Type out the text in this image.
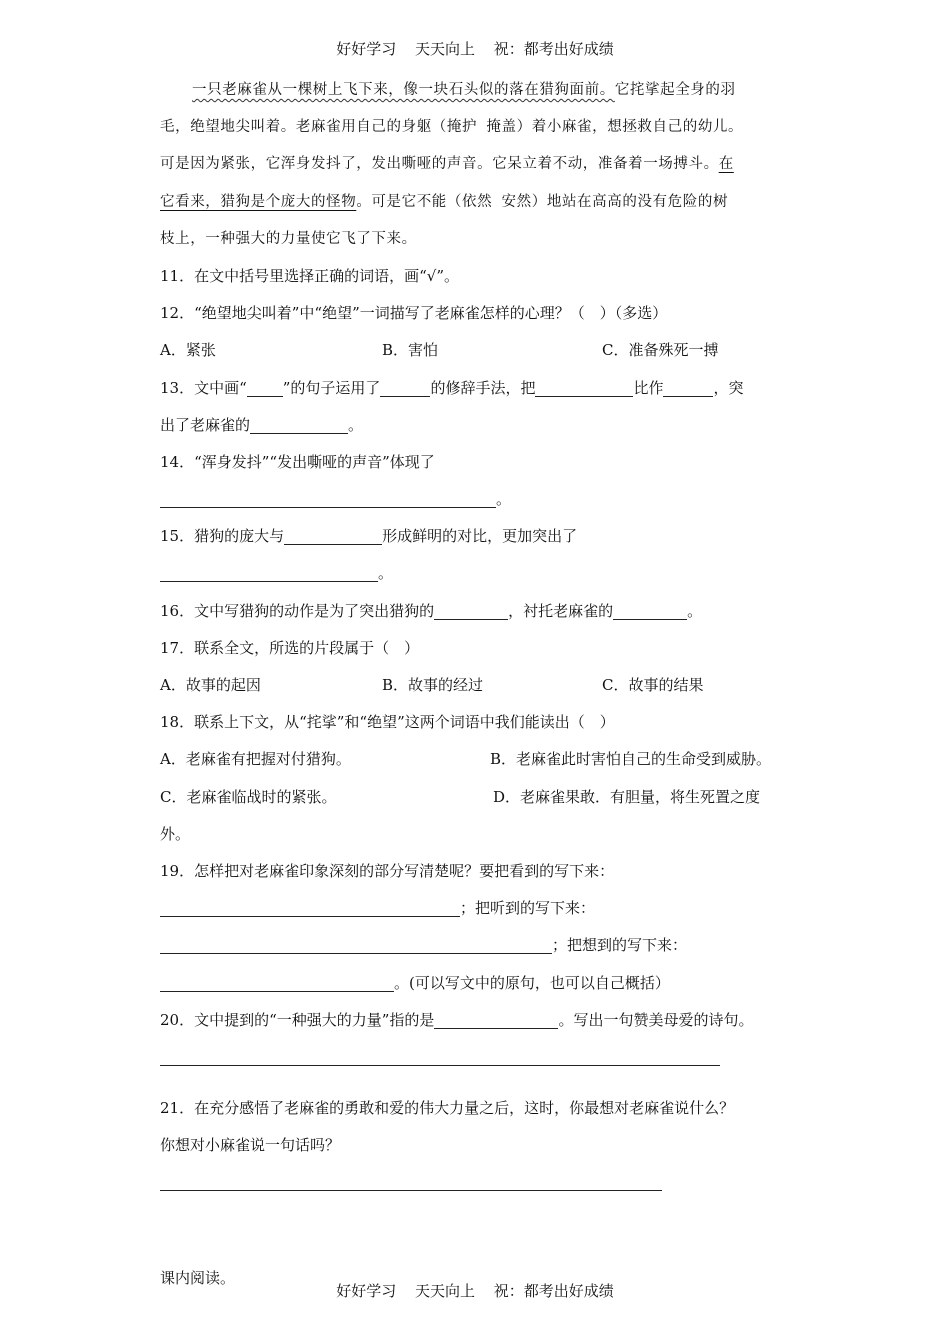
好好学习 天天向上 祝：都考出好成绩
一只老麻雀从一棵树上飞下来，像一块石头似的落在猎狗面前。它挓挲起全身的羽
毛，绝望地尖叫着。老麻雀用自己的身躯（掩护 掩盖）着小麻雀，想拯救自己的幼儿。
可是因为紧张，它浑身发抖了，发出嘶哑的声音。它呆立着不动，准备着一场搏斗。在
它看来，猎狗是个庞大的怪物。可是它不能（依然 安然）地站在高高的没有危险的树
枝上，一种强大的力量使它飞了下来。
11．在文中括号里选择正确的词语，画“√”。
12．“绝望地尖叫着”中“绝望”一词描写了老麻雀怎样的心理？（　）（多选）
A．紧张	B．害怕	C．准备殊死一搏
13．文中画“ ”的句子运用了	的修辞手法，把	比作	，突
出了老麻雀的	。
14．“浑身发抖”“发出嘶哑的声音”体现了
。
15．猎狗的庞大与	形成鲜明的对比，更加突出了
。
16．文中写猎狗的动作是为了突出猎狗的	，衬托老麻雀的	。
17．联系全文，所选的片段属于（　）
A．故事的起因	B．故事的经过	C．故事的结果
18．联系上下文，从“挓挲”和“绝望”这两个词语中我们能读出（　）
A．老麻雀有把握对付猎狗。	B．老麻雀此时害怕自己的生命受到威胁。
C．老麻雀临战时的紧张。	D．老麻雀果敢．有胆量，将生死置之度
外。
19．怎样把对老麻雀印象深刻的部分写清楚呢？要把看到的写下来：
；把听到的写下来：
；把想到的写下来：
。(可以写文中的原句，也可以自己概括）
20．文中提到的“一种强大的力量”指的是	。写出一句赞美母爱的诗句。
21．在充分感悟了老麻雀的勇敢和爱的伟大力量之后，这时，你最想对老麻雀说什么？
你想对小麻雀说一句话吗？
课内阅读。
好好学习 天天向上 祝：都考出好成绩
